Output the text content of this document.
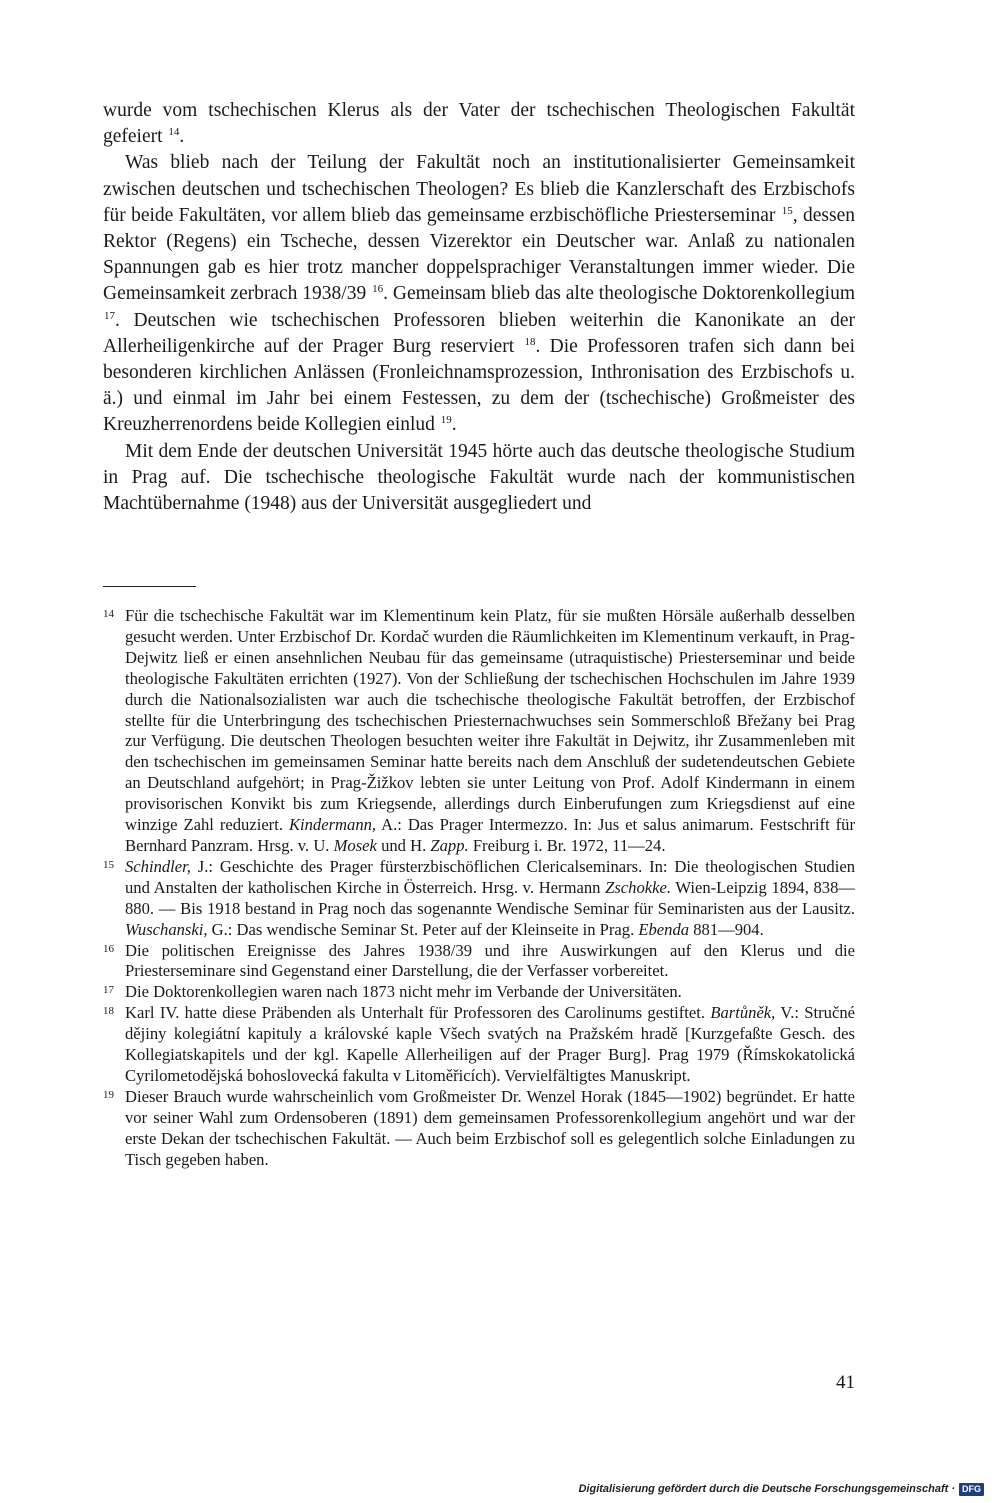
wurde vom tschechischen Klerus als der Vater der tschechischen Theologischen Fakultät gefeiert $^{14}$.

Was blieb nach der Teilung der Fakultät noch an institutionalisierter Gemeinsamkeit zwischen deutschen und tschechischen Theologen? Es blieb die Kanzlerschaft des Erzbischofs für beide Fakultäten, vor allem blieb das gemeinsame erzbischöfliche Priesterseminar $^{15}$, dessen Rektor (Regens) ein Tscheche, dessen Vizerektor ein Deutscher war. Anlaß zu nationalen Spannungen gab es hier trotz mancher doppelsprachiger Veranstaltungen immer wieder. Die Gemeinsamkeit zerbrach 1938/39 $^{16}$. Gemeinsam blieb das alte theologische Doktorenkollegium $^{17}$. Deutschen wie tschechischen Professoren blieben weiterhin die Kanonikate an der Allerheiligenkirche auf der Prager Burg reserviert $^{18}$. Die Professoren trafen sich dann bei besonderen kirchlichen Anlässen (Fronleichnamsprozession, Inthronisation des Erzbischofs u. ä.) und einmal im Jahr bei einem Festessen, zu dem der (tschechische) Großmeister des Kreuzherrenordens beide Kollegien einlud $^{19}$.

Mit dem Ende der deutschen Universität 1945 hörte auch das deutsche theologische Studium in Prag auf. Die tschechische theologische Fakultät wurde nach der kommunistischen Machtübernahme (1948) aus der Universität ausgegliedert und

14 Für die tschechische Fakultät war im Klementinum kein Platz, für sie mußten Hörsäle außerhalb desselben gesucht werden. Unter Erzbischof Dr. Kordač wurden die Räumlichkeiten im Klementinum verkauft, in Prag-Dejwitz ließ er einen ansehnlichen Neubau für das gemeinsame (utraquistische) Priesterseminar und beide theologische Fakultäten errichten (1927). Von der Schließung der tschechischen Hochschulen im Jahre 1939 durch die Nationalsozialisten war auch die tschechische theologische Fakultät betroffen, der Erzbischof stellte für die Unterbringung des tschechischen Priesternachwuchses sein Sommerschloß Břežany bei Prag zur Verfügung. Die deutschen Theologen besuchten weiter ihre Fakultät in Dejwitz, ihr Zusammenleben mit den tschechischen im gemeinsamen Seminar hatte bereits nach dem Anschluß der sudetendeutschen Gebiete an Deutschland aufgehört; in Prag-Žižkov lebten sie unter Leitung von Prof. Adolf Kindermann in einem provisorischen Konvikt bis zum Kriegsende, allerdings durch Einberufungen zum Kriegsdienst auf eine winzige Zahl reduziert. Kindermann, A.: Das Prager Intermezzo. In: Jus et salus animarum. Festschrift für Bernhard Panzram. Hrsg. v. U. Mosek und H. Zapp. Freiburg i. Br. 1972, 11—24.
15 Schindler, J.: Geschichte des Prager fürsterzbischöflichen Clericalseminars. In: Die theologischen Studien und Anstalten der katholischen Kirche in Österreich. Hrsg. v. Hermann Zschokke. Wien-Leipzig 1894, 838—880. — Bis 1918 bestand in Prag noch das sogenannte Wendische Seminar für Seminaristen aus der Lausitz. Wuschanski, G.: Das wendische Seminar St. Peter auf der Kleinseite in Prag. Ebenda 881—904.
16 Die politischen Ereignisse des Jahres 1938/39 und ihre Auswirkungen auf den Klerus und die Priesterseminare sind Gegenstand einer Darstellung, die der Verfasser vorbereitet.
17 Die Doktorenkollegien waren nach 1873 nicht mehr im Verbande der Universitäten.
18 Karl IV. hatte diese Präbenden als Unterhalt für Professoren des Carolinums gestiftet. Bartůněk, V.: Stručné dějiny kolegiátní kapituly a královské kaple Všech svatých na Pražském hradě [Kurzgefaßte Gesch. des Kollegiatskapitels und der kgl. Kapelle Allerheiligen auf der Prager Burg]. Prag 1979 (Římskokatolická Cyrilometodějská bohoslovecká fakulta v Litoměřicích). Vervielfältigtes Manuskript.
19 Dieser Brauch wurde wahrscheinlich vom Großmeister Dr. Wenzel Horak (1845—1902) begründet. Er hatte vor seiner Wahl zum Ordensoberen (1891) dem gemeinsamen Professorenkollegium angehört und war der erste Dekan der tschechischen Fakultät. — Auch beim Erzbischof soll es gelegentlich solche Einladungen zu Tisch gegeben haben.
41
Digitalisierung gefördert durch die Deutsche Forschungsgemeinschaft · DFG
